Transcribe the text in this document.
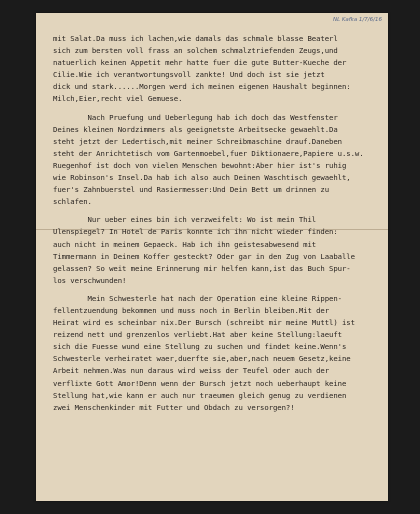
NL Kafka 1/7/6/16
mit Salat.Da muss ich lachen,wie damals das schmale blasse Beaterl
sich zum bersten voll frass an solchem schmalztriefenden Zeugs,und
natuerlich keinen Appetit mehr hatte fuer die gute Butter-Kueche der
Cilie.Wie ich verantwortungsvoll zankte! Und doch ist sie jetzt
dick und stark......Morgen werd ich meinen eigenen Haushalt beginnen:
Milch,Eier,recht viel Gemuese.
Nach Pruefung und Ueberlegung hab ich doch das Westfenster
Deines kleinen Nordzimmers als geeignetste Arbeitsecke gewaehlt.Da
steht jetzt der Ledertisch,mit meiner Schreibmaschine drauf.Daneben
steht der Anrichtetisch vom Gartenmoebel,fuer Diktionaere,Papiere u.s.w.
Ruegenhof ist doch von vielen Menschen bewohnt:Aber hier ist's ruhig
wie Robinson's Insel.Da hab ich also auch Deinen Waschtisch gewaehlt,
fuer's Zahnbuerstel und Rasiermesser:Und Dein Bett um drinnen zu
schlafen.
Nur ueber eines bin ich verzweifelt: Wo ist mein Thil
Ulenspiegel? In Hotel de Paris konnte ich ihn nicht wieder finden:
auch nicht in meinem Gepaeck. Hab ich ihn geistesabwesend mit
Timmermann in Deinem Koffer gesteckt? Oder gar in den Zug von Laaballe
gelassen? So weit meine Erinnerung mir helfen kann,ist das Buch Spur-
los verschwunden!
Mein Schwesterle hat nach der Operation eine kleine Rippen-
fellentzuendung bekommen und muss noch in Berlin bleiben.Mit der
Heirat wird es scheinbar nix.Der Bursch (schreibt mir meine Muttl) ist
reizend nett und grenzenlos verliebt.Hat aber keine Stellung:laeuft
sich die Fuesse wund eine Stellung zu suchen und findet keine.Wenn's
Schwesterle verheiratet waer,duerfte sie,aber,nach neuem Gesetz,keine
Arbeit nehmen.Was nun daraus wird weiss der Teufel oder auch der
verflixte Gott Amor!Denn wenn der Bursch jetzt noch ueberhaupt keine
Stellung hat,wie kann er auch nur traeumen gleich genug zu verdienen
zwei Menschenkinder mit Futter und Obdach zu versorgen?!
